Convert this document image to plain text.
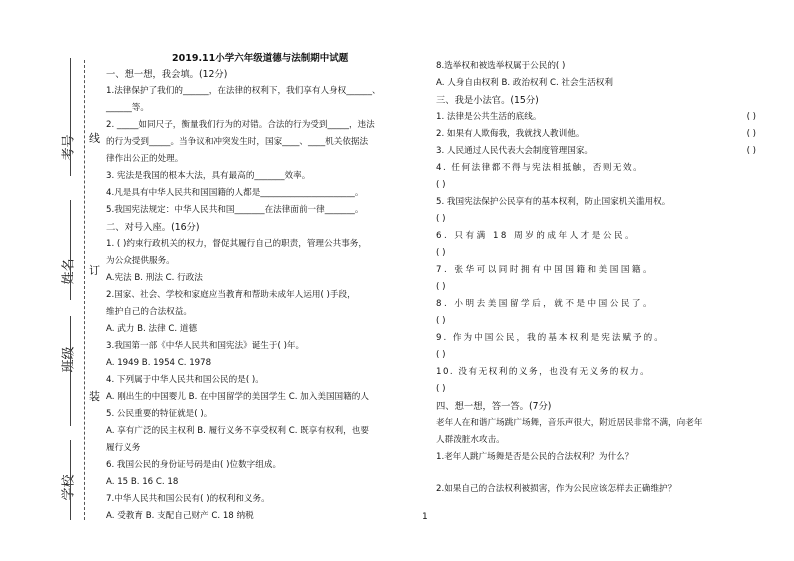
考号
姓名
班级
学校
线
订
装
2019.11小学六年级道德与法制期中试题
一、想一想，我会填。(12分)
1.法律保护了我们的______，在法律的权利下，我们享有人身权______、
______等。
2. _____如同尺子，衡量我们行为的对错。合法的行为受到_____，违法
的行为受到_____。当争议和冲突发生时，国家____、____机关依据法
律作出公正的处理。
3. 宪法是我国的根本大法，具有最高的_______效率。
4.凡是具有中华人民共和国国籍的人都是______________________。
5.我国宪法规定：中华人民共和国_______在法律面前一律_______。
二、对号入座。(16分)
1. ( )约束行政机关的权力，督促其履行自己的职责，管理公共事务，
为公众提供服务。
A.宪法 B. 刑法 C. 行政法
2.国家、社会、学校和家庭应当教育和帮助未成年人运用( )手段，
维护自己的合法权益。
A. 武力 B. 法律 C. 道德
3.我国第一部《中华人民共和国宪法》诞生于( )年。
A. 1949 B. 1954 C. 1978
4. 下列属于中华人民共和国公民的是( )。
A. 刚出生的中国婴儿 B. 在中国留学的美国学生 C. 加入美国国籍的人
5. 公民重要的特征就是( )。
A. 享有广泛的民主权利 B. 履行义务不享受权利 C. 既享有权利，也要
履行义务
6. 我国公民的身份证号码是由( )位数字组成。
A. 15 B. 16 C. 18
7.中华人民共和国公民有( )的权利和义务。
A. 受教育 B. 支配自己财产 C. 18 纳税
8.选举权和被选举权属于公民的( )
A. 人身自由权利 B. 政治权利 C. 社会生活权利
三、我是小法官。(15分)
1. 法律是公共生活的底线。	( )
2. 如果有人欺侮我，我就找人教训他。	( )
3. 人民通过人民代表大会制度管理国家。	( )
4. 任何法律都不得与宪法相抵触，否则无效。
( )
5. 我国宪法保护公民享有的基本权利，防止国家机关滥用权。
( )
6. 只有满 18 周岁的成年人才是公民。
( )
7. 张华可以同时拥有中国国籍和美国国籍。
( )
8. 小明去美国留学后，就不是中国公民了。
( )
9. 作为中国公民，我的基本权利是宪法赋予的。
( )
10. 没有无权利的义务，也没有无义务的权力。
( )
四、想一想，答一答。(7分)
老年人在和谐广场跳广场舞，音乐声很大，附近居民非常不满，向老年
人群泼脏水攻击。
1.老年人跳广场舞是否是公民的合法权利？为什么？
2.如果自己的合法权利被损害，作为公民应该怎样去正确维护？
1
